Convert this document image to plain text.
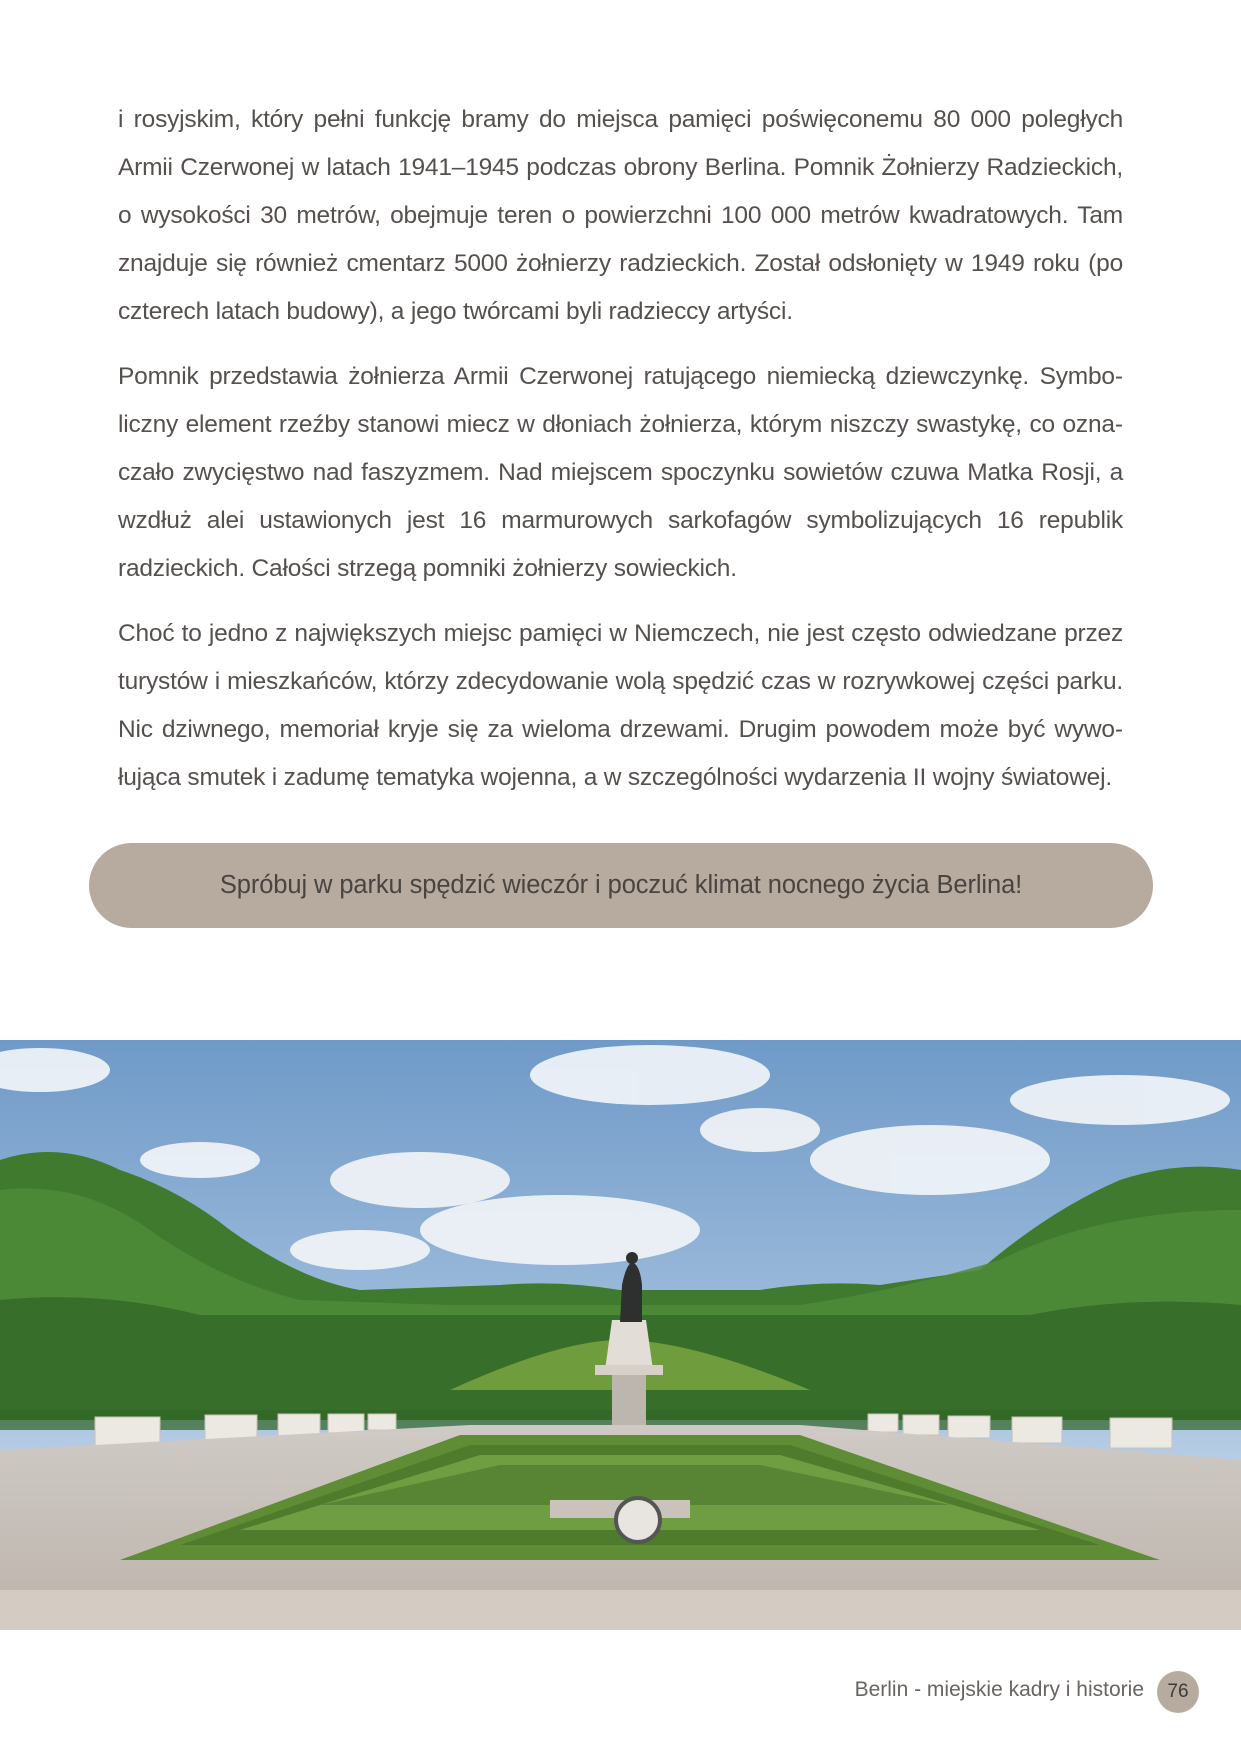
i rosyjskim, który pełni funkcję bramy do miejsca pamięci poświęconemu 80 000 poległych Armii Czerwonej w latach 1941–1945 podczas obrony Berlina. Pomnik Żołnierzy Radzieckich, o wysokości 30 metrów, obejmuje teren o powierzchni 100 000 metrów kwadratowych. Tam znajduje się również cmentarz 5000 żołnierzy radzieckich. Został odsłonięty w 1949 roku (po czterech latach budowy), a jego twórcami byli radzieccy artyści.

Pomnik przedstawia żołnierza Armii Czerwonej ratującego niemiecką dziewczynkę. Symboliczny element rzeźby stanowi miecz w dłoniach żołnierza, którym niszczy swastykę, co oznaczało zwycięstwo nad faszyzmem. Nad miejscem spoczynku sowietów czuwa Matka Rosji, a wzdłuż alei ustawionych jest 16 marmurowych sarkofagów symbolizujących 16 republik radzieckich. Całości strzegą pomniki żołnierzy sowieckich.

Choć to jedno z największych miejsc pamięci w Niemczech, nie jest często odwiedzane przez turystów i mieszkańców, którzy zdecydowanie wolą spędzić czas w rozrywkowej części parku. Nic dziwnego, memoriał kryje się za wieloma drzewami. Drugim powodem może być wywołująca smutek i zadumę tematyka wojenna, a w szczególności wydarzenia II wojny światowej.

Spróbuj w parku spędzić wieczór i poczuć klimat nocnego życia Berlina!
Berlin - miejskie kadry i historie	76
